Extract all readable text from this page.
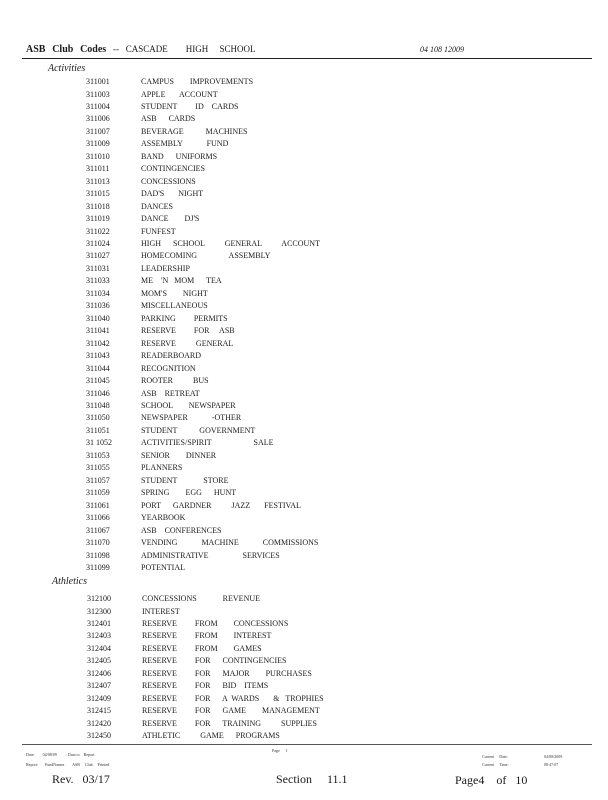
ASB Club Codes --   CASCADE        HIGH     SCHOOL	04 108 12009
Activities
311001	CAMPUS        IMPROVEMENTS
311003	APPLE       ACCOUNT
311004	STUDENT         ID    CARDS
311006	ASB      CARDS
311007	BEVERAGE           MACHINES
311009	ASSEMBLY            FUND
311010	BAND      UNIFORMS
311011	CONTINGENCIES
311013	CONCESSIONS
311015	DAD'S       NIGHT
311018	DANCES
311019	DANCE        DJ'S
311022	FUNFEST
311024	HIGH      SCHOOL          GENERAL          ACCOUNT
311027	HOMECOMING                ASSEMBLY
311031	LEADERSHIP
311033	ME    'N   MOM      TEA
311034	MOM'S        NIGHT
311036	MISCELLANEOUS
311040	PARKING         PERMITS
311041	RESERVE         FOR     ASB
311042	RESERVE          GENERAL
311043	READERBOARD
311044	RECOGNITION
311045	ROOTER          BUS
311046	ASB    RETREAT
311048	SCHOOL        NEWSPAPER
311050	NEWSPAPER            -OTHER
311051	STUDENT           GOVERNMENT
31 1052	ACTIVITIES/SPIRIT                     SALE
311053	SENIOR        DINNER
311055	PLANNERS
311057	STUDENT             STORE
311059	SPRING        EGG      HUNT
311061	PORT      GARDNER          JAZZ       FESTIVAL
311066	YEARBOOK
311067	ASB    CONFERENCES
311070	VENDING            MACHINE            COMMISSIONS
311098	ADMINISTRATIVE                 SERVICES
311099	POTENTIAL
Athletics
312100	CONCESSIONS             REVENUE
312300	INTEREST
312401	RESERVE         FROM        CONCESSIONS
312403	RESERVE         FROM        INTEREST
312404	RESERVE         FROM        GAMES
312405	RESERVE         FOR      CONTINGENCIES
312406	RESERVE         FOR      MAJOR        PURCHASES
312407	RESERVE         FOR      BID    ITEMS
312409	RESERVE         FOR      A  WARDS       &   TROPHIES
312415	RESERVE         FOR      GAME        MANAGEMENT
312420	RESERVE         FOR      TRAINING          SUPPLIES
312450	ATHLETIC          GAME      PROGRAMS
Date:        04/08/09         : Data to    Report
Report:       FundNames        ASB     Club     Printed
Page      1
Current     Date:
Current     Time:
04/08/2009
08:47:07
Rev.   03/17	Section     11.1	Page4    of   10
